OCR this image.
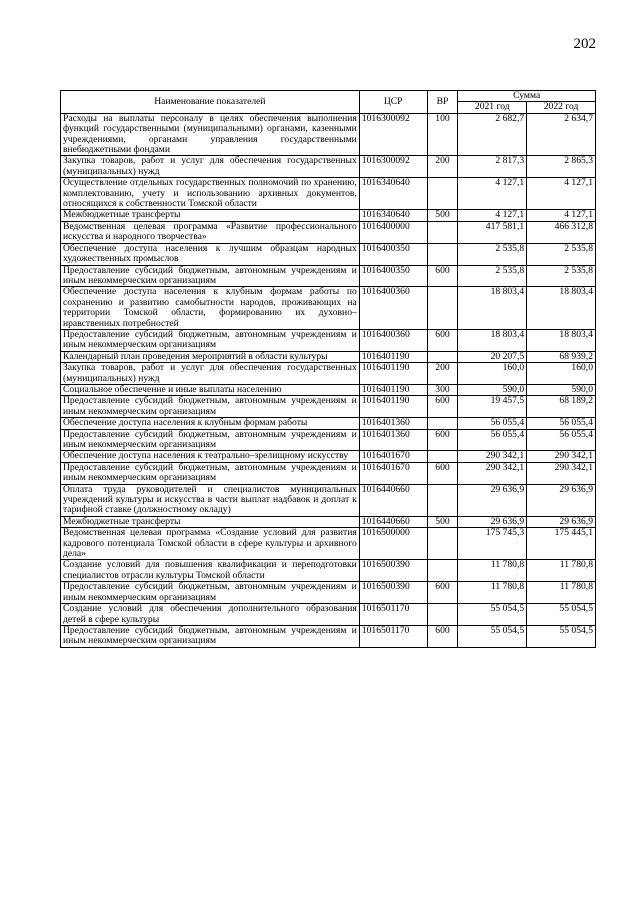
202
Наименование показателей	ЦСР	ВР	Сумма	
			2021 год	2022 год
Расходы на выплаты персоналу в целях обеспечения выполнения функций государственными (муниципальными) органами, казенными учреждениями, органами управления государственными внебюджетными фондами	1016300092	100	2 682,7	2 634,7
Закупка товаров, работ и услуг для обеспечения государственных (муниципальных) нужд	1016300092	200	2 817,3	2 865,3
Осуществление отдельных государственных полномочий по хранению, комплектованию, учету и использованию архивных документов, относящихся к собственности Томской области	1016340640		4 127,1	4 127,1
Межбюджетные трансферты	1016340640	500	4 127,1	4 127,1
Ведомственная целевая программа «Развитие профессионального искусства и народного творчества»	1016400000		417 581,1	466 312,8
Обеспечение доступа населения к лучшим образцам народных художественных промыслов	1016400350		2 535,8	2 535,8
Предоставление субсидий бюджетным, автономным учреждениям и иным некоммерческим организациям	1016400350	600	2 535,8	2 535,8
Обеспечение доступа населения к клубным формам работы по сохранению и развитию самобытности народов, проживающих на территории Томской области, формированию их духовно–нравственных потребностей	1016400360		18 803,4	18 803,4
Предоставление субсидий бюджетным, автономным учреждениям и иным некоммерческим организациям	1016400360	600	18 803,4	18 803,4
Календарный план проведения мероприятий в области культуры	1016401190		20 207,5	68 939,2
Закупка товаров, работ и услуг для обеспечения государственных (муниципальных) нужд	1016401190	200	160,0	160,0
Социальное обеспечение и иные выплаты населению	1016401190	300	590,0	590,0
Предоставление субсидий бюджетным, автономным учреждениям и иным некоммерческим организациям	1016401190	600	19 457,5	68 189,2
Обеспечение доступа населения к клубным формам работы	1016401360		56 055,4	56 055,4
Предоставление субсидий бюджетным, автономным учреждениям и иным некоммерческим организациям	1016401360	600	56 055,4	56 055,4
Обеспечение доступа населения к театрально–зрелищному искусству	1016401670		290 342,1	290 342,1
Предоставление субсидий бюджетным, автономным учреждениям и иным некоммерческим организациям	1016401670	600	290 342,1	290 342,1
Оплата труда руководителей и специалистов муниципальных учреждений культуры и искусства в части выплат надбавок и доплат к тарифной ставке (должностному окладу)	1016440660		29 636,9	29 636,9
Межбюджетные трансферты	1016440660	500	29 636,9	29 636,9
Ведомственная целевая программа «Создание условий для развития кадрового потенциала Томской области в сфере культуры и архивного дела»	1016500000		175 745,3	175 445,1
Создание условий для повышения квалификации и переподготовки специалистов отрасли культуры Томской области	1016500390		11 780,8	11 780,8
Предоставление субсидий бюджетным, автономным учреждениям и иным некоммерческим организациям	1016500390	600	11 780,8	11 780,8
Создание условий для обеспечения дополнительного образования детей в сфере культуры	1016501170		55 054,5	55 054,5
Предоставление субсидий бюджетным, автономным учреждениям и иным некоммерческим организациям	1016501170	600	55 054,5	55 054,5
